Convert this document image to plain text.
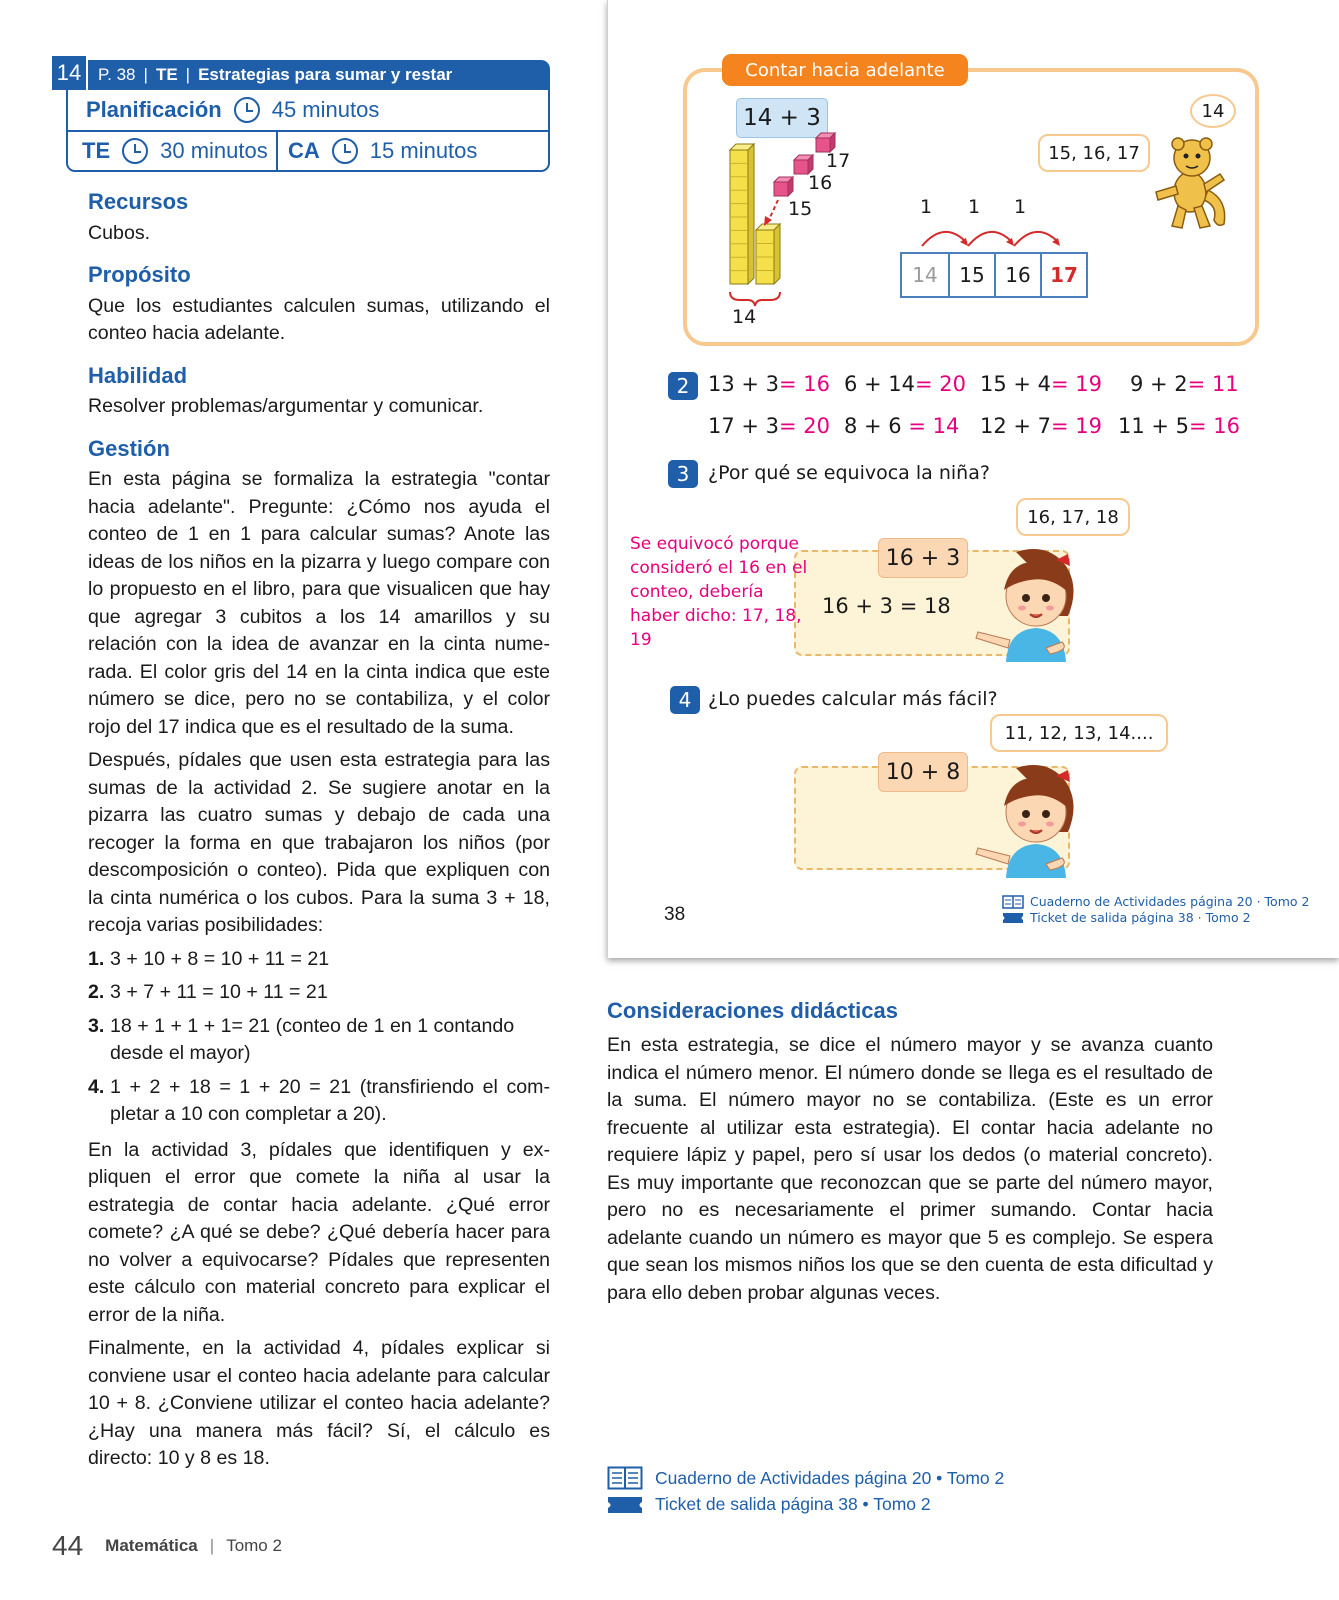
14 P. 38 | TE | Estrategias para sumar y restar
Planificación 45 minutos
TE 30 minutos CA 15 minutos
Recursos
Cubos.
Propósito
Que los estudiantes calculen sumas, utilizando el conteo hacia adelante.
Habilidad
Resolver problemas/argumentar y comunicar.
Gestión
En esta página se formaliza la estrategia "contar hacia adelante". Pregunte: ¿Cómo nos ayuda el conteo de 1 en 1 para calcular sumas? Anote las ideas de los niños en la pizarra y luego compare con lo propuesto en el libro, para que visualicen que hay que agregar 3 cubitos a los 14 amarillos y su relación con la idea de avanzar en la cinta numerada. El color gris del 14 en la cinta indica que este número se dice, pero no se contabiliza, y el color rojo del 17 indica que es el resultado de la suma.
Después, pídales que usen esta estrategia para las sumas de la actividad 2. Se sugiere anotar en la pizarra las cuatro sumas y debajo de cada una recoger la forma en que trabajaron los niños (por descomposición o conteo). Pida que expliquen con la cinta numérica o los cubos. Para la suma 3 + 18, recoja varias posibilidades:
1. 3 + 10 + 8 = 10 + 11 = 21
2. 3 + 7 + 11 = 10 + 11 = 21
3. 18 + 1 + 1 + 1= 21 (conteo de 1 en 1 contando desde el mayor)
4. 1 + 2 + 18 = 1 + 20 = 21 (transfiriendo el completar a 10 con completar a 20).
En la actividad 3, pídales que identifiquen y expliquen el error que comete la niña al usar la estrategia de contar hacia adelante. ¿Qué error comete? ¿A qué se debe? ¿Qué debería hacer para no volver a equivocarse? Pídales que representen este cálculo con material concreto para explicar el error de la niña.
Finalmente, en la actividad 4, pídales explicar si conviene usar el conteo hacia adelante para calcular 10 + 8. ¿Conviene utilizar el conteo hacia adelante? ¿Hay una manera más fácil? Sí, el cálculo es directo: 10 y 8 es 18.
44 Matemática | Tomo 2
Contar hacia adelante
14 + 3
17
16
15
14
1 1 1
14	15	16 17
15, 16, 17
14
2 13 + 3= 16 6 + 14= 20 15 + 4= 19 9 + 2= 11
17 + 3= 20 8 + 6 = 14 12 + 7= 19 11 + 5= 16
3 ¿Por qué se equivoca la niña?
16, 17, 18
16 + 3
16 + 3 = 18
Se equivocó porque consideró el 16 en el conteo, debería haber dicho: 17, 18, 19
4 ¿Lo puedes calcular más fácil?
11, 12, 13, 14....
10 + 8
38
Cuaderno de Actividades página 20 · Tomo 2
Ticket de salida página 38 · Tomo 2
Consideraciones didácticas
En esta estrategia, se dice el número mayor y se avanza cuanto indica el número menor. El número donde se llega es el resultado de la suma. El número mayor no se contabiliza. (Este es un error frecuente al utilizar esta estrategia). El contar hacia adelante no requiere lápiz y papel, pero sí usar los dedos (o material concreto). Es muy importante que reconozcan que se parte del número mayor, pero no es necesariamente el primer sumando. Contar hacia adelante cuando un número es mayor que 5 es complejo. Se espera que sean los mismos niños los que se den cuenta de esta dificultad y para ello deben probar algunas veces.
Cuaderno de Actividades página 20 • Tomo 2
Ticket de salida página 38 • Tomo 2
